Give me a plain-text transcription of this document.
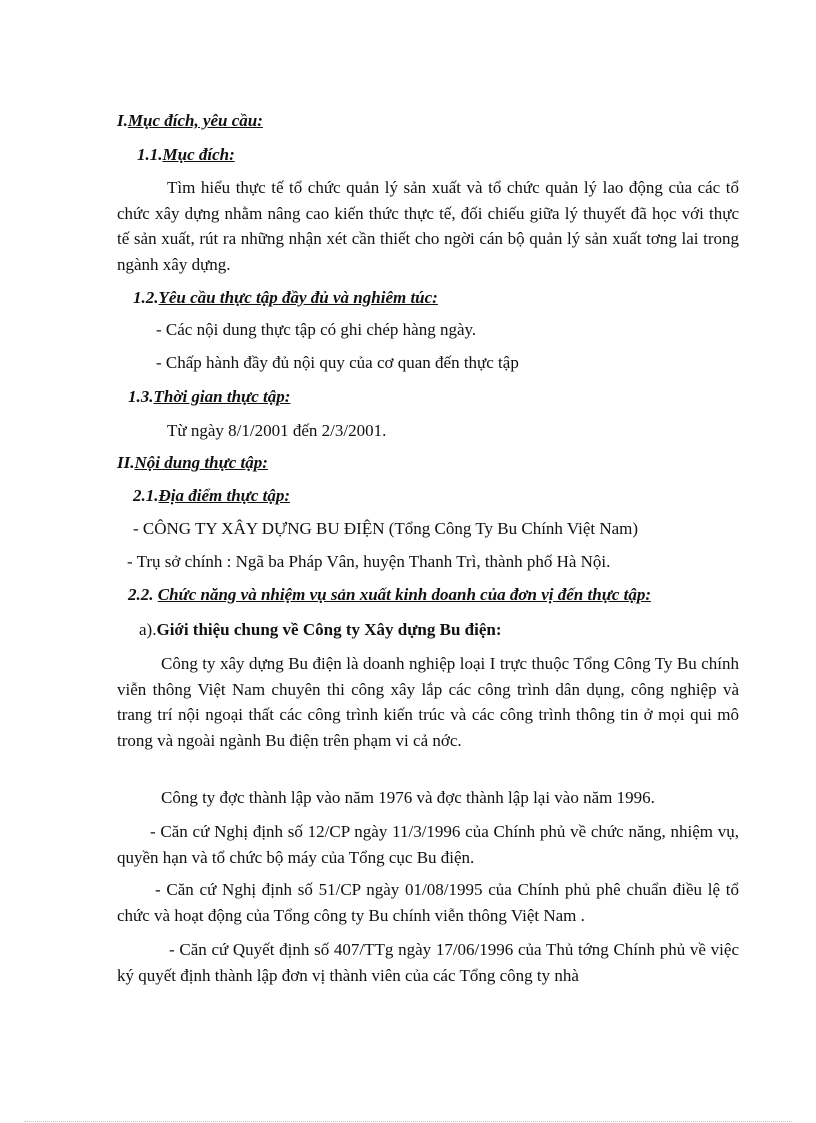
I.Mục đích, yêu cầu:
1.1.Mục đích:
Tìm hiểu thực tế tổ chức quản lý sản xuất và tổ chức quản lý lao động của các tổ chức xây dựng nhằm nâng cao kiến thức thực tế, đối chiếu giữa lý thuyết đã học với thực tế sản xuất, rút ra những nhận xét cần thiết cho ngời cán bộ quản lý sản xuất tơng lai trong ngành xây dựng.
1.2.Yêu cầu thực tập đầy đủ và nghiêm túc:
- Các nội dung thực tập có ghi chép hàng ngày.
- Chấp hành đầy đủ nội quy của cơ quan đến thực tập
1.3.Thời gian thực tập:
Từ ngày 8/1/2001 đến 2/3/2001.
II.Nội dung thực tập:
2.1.Địa điểm thực tập:
- CÔNG TY XÂY DỰNG BU ĐIỆN (Tổng Công Ty Bu Chính Việt Nam)
- Trụ sở chính : Ngã ba Pháp Vân, huyện Thanh Trì, thành phố Hà Nội.
2.2. Chức năng và nhiệm vụ sản xuất kinh doanh của đơn vị đến thực tập:
a).Giới thiệu chung về Công ty Xây dựng Bu điện:
Công ty xây dựng Bu điện là doanh nghiệp loại I trực thuộc Tổng Công Ty Bu chính viễn thông Việt Nam chuyên thi công xây lắp các công trình dân dụng, công nghiệp và trang trí nội ngoại thất các công trình kiến trúc và các công trình thông tin ở mọi qui mô trong và ngoài ngành Bu điện trên phạm vi cả nớc.
Công ty đợc thành lập vào năm 1976 và đợc thành lập lại vào năm 1996.
- Căn cứ Nghị định số 12/CP ngày 11/3/1996 của Chính phủ về chức năng, nhiệm vụ, quyền hạn và tổ chức bộ máy của Tổng cục Bu điện.
- Căn cứ Nghị định số 51/CP ngày 01/08/1995 của Chính phủ phê chuẩn điều lệ tổ chức và hoạt động của Tổng công ty Bu chính viễn thông Việt Nam .
- Căn cứ Quyết định số 407/TTg ngày 17/06/1996 của Thủ tớng Chính phủ về việc ký quyết định thành lập đơn vị thành viên của các Tổng công ty nhà
